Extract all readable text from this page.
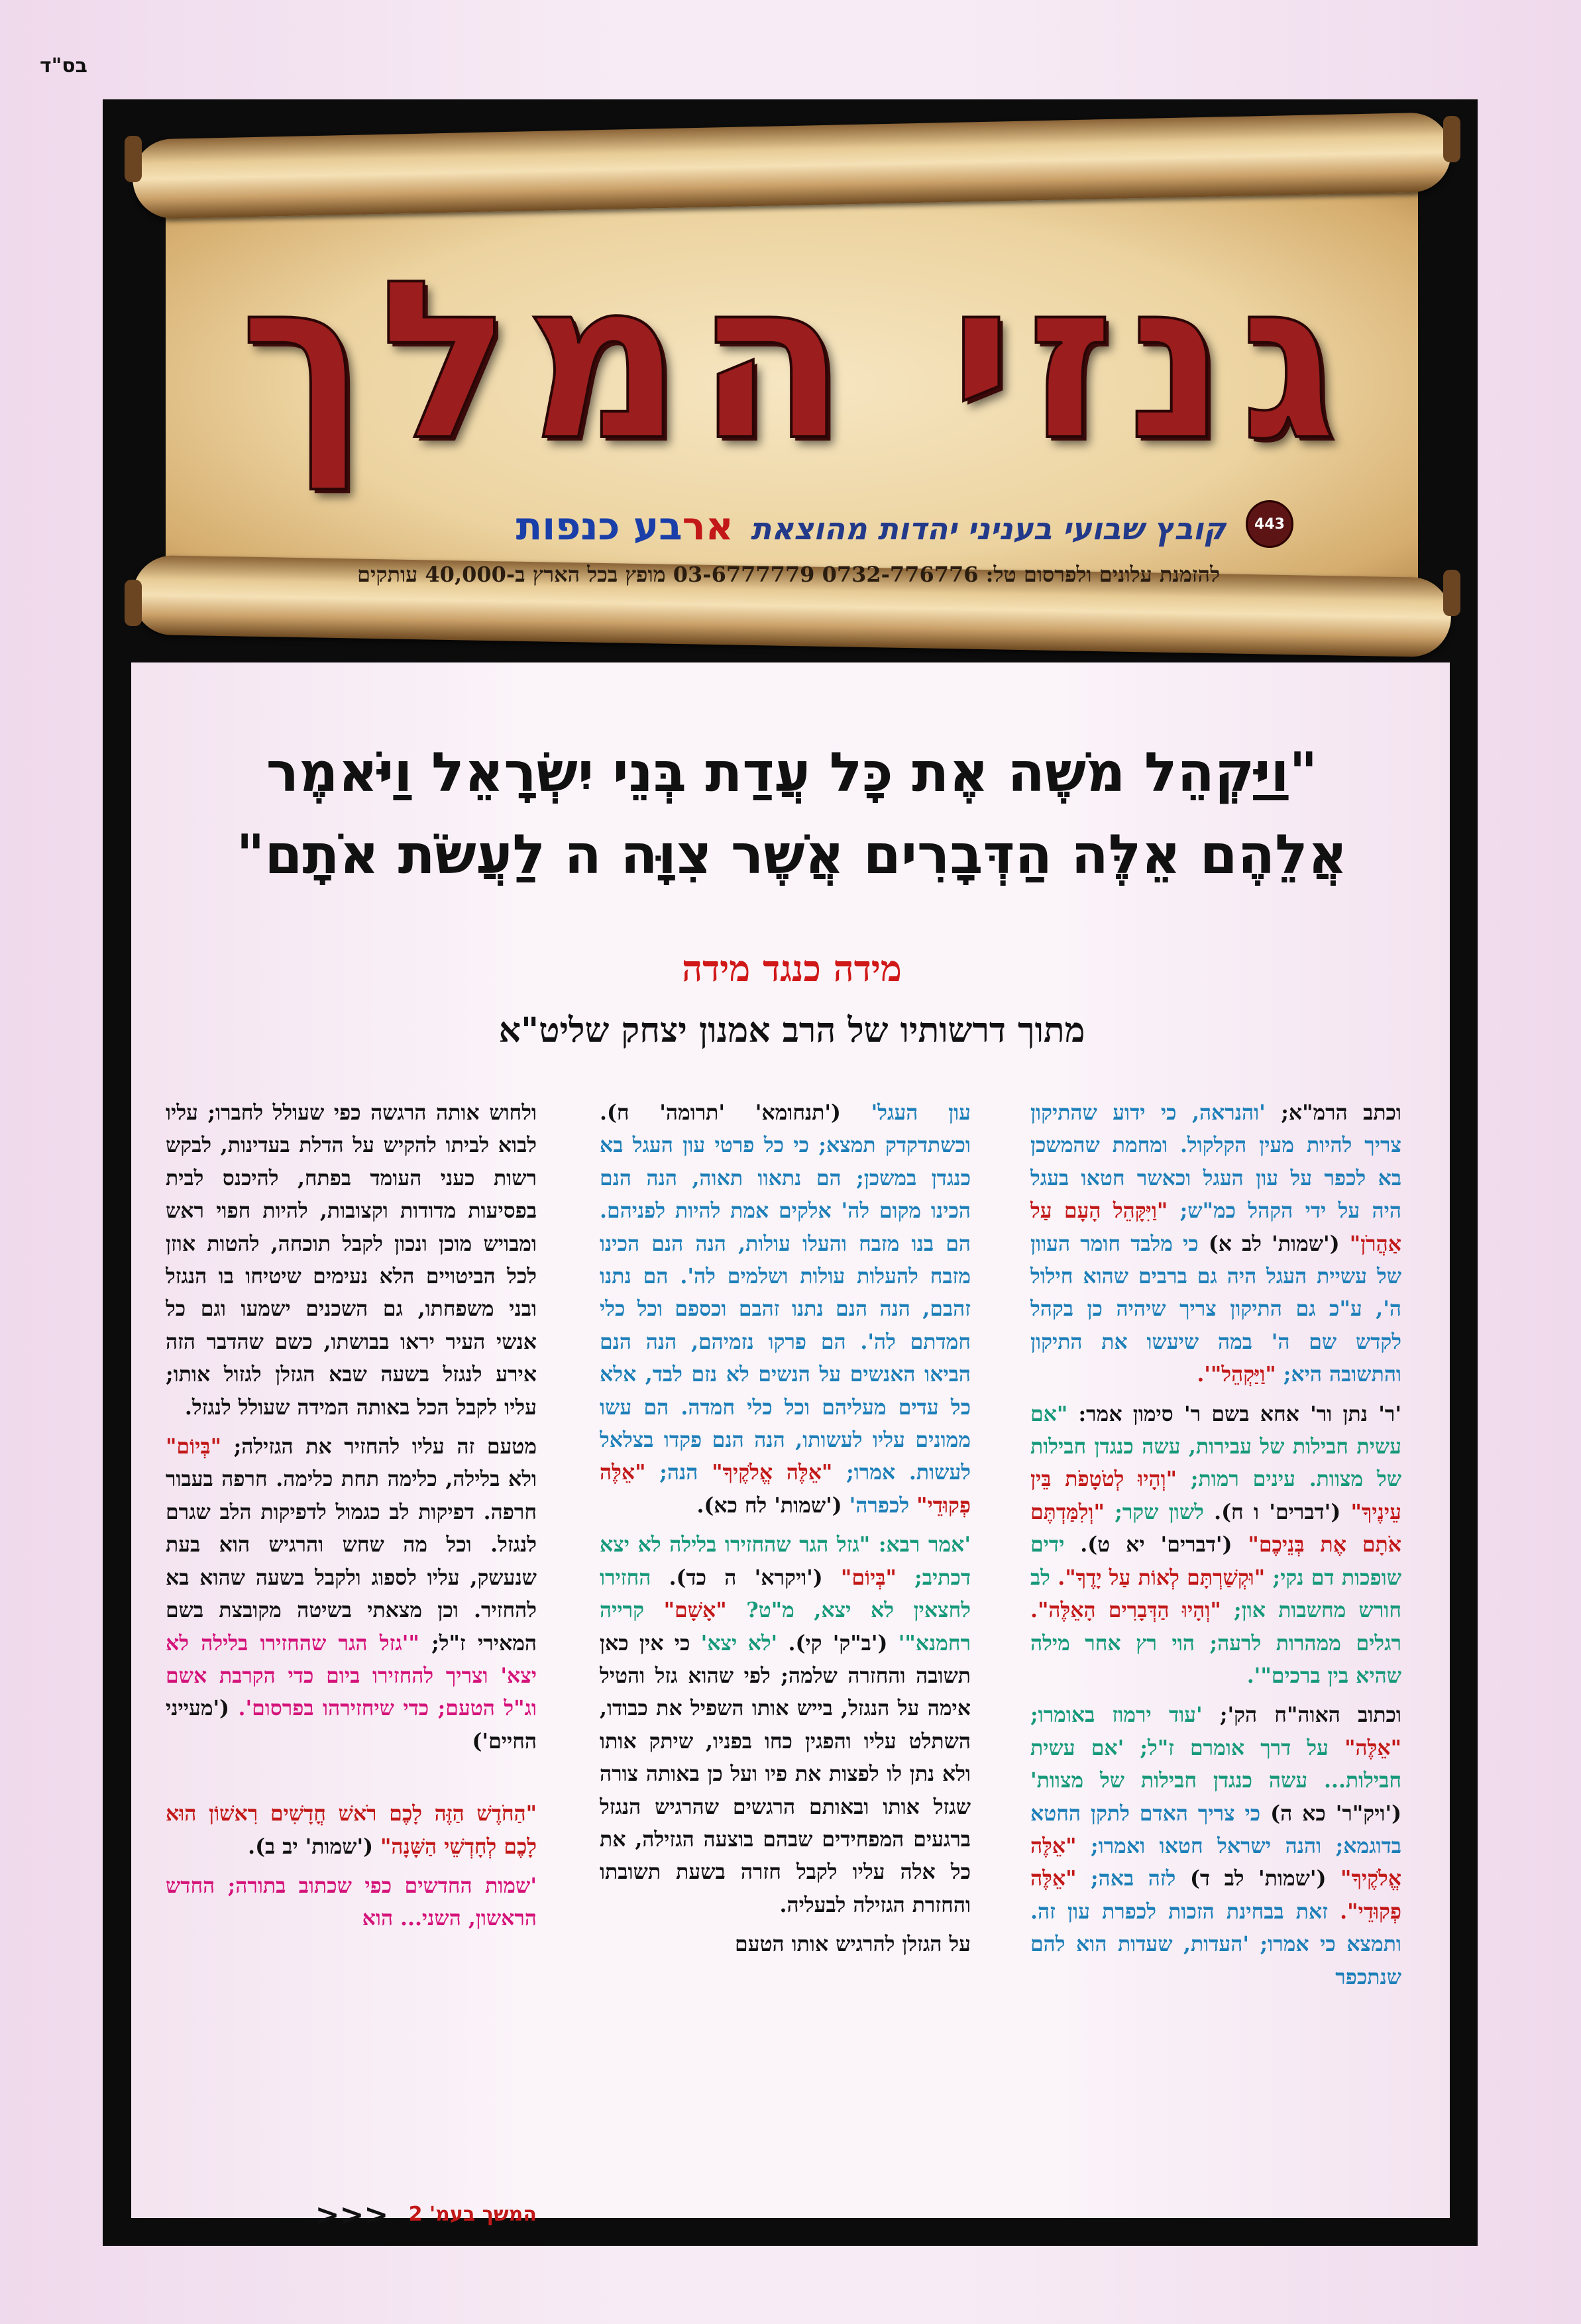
בס"ד
גנזי המלך
443
קובץ שבועי בעניני יהדות מהוצאת ארבע כנפות
להזמנת עלונים ולפרסום טל: 0732-776776 03-6777779 מופץ בכל הארץ ב-40,000 עותקים
"וַיַּקְהֵל משֶׁה אֶת כָּל עֲדַת בְּנֵי יִשְׂרָאֵל וַיֹּאמֶר
אֲלֵהֶם אֵלֶּה הַדְּבָרִים אֲשֶׁר צִוָּה ה לַעֲשֹׂת אֹתָם"
מידה כנגד מידה
מתוך דרשותיו של הרב אמנון יצחק שליט"א

וכתב הרמ"א; 'והנראה, כי ידוע שהתיקון צריך להיות מעין הקלקול. ומחמת שהמשכן בא לכפר על עון העגל וכאשר חטאו בעגל היה על ידי הקהל כמ"ש; "וַיִּקָּהֵל הָעָם עַל אַהֲרֹן" ('שמות' לב א) כי מלבד חומר העוון של עשיית העגל היה גם ברבים שהוא חילול ה', ע"כ גם התיקון צריך שיהיה כן בקהל לקדש שם ה' במה שיעשו את התיקון והתשובה היא; "וַיַּקְהֵל"'.

'ר' נתן ור' אחא בשם ר' סימון אמר: "אם עשית חבילות של עבירות, עשה כנגדן חבילות של מצוות. עינים רמות; "וְהָיוּ לְטֹטָפֹת בֵּין עֵינֶיךָ" ('דברים' ו ח). לשון שקר; "וְלִמַּדְתֶּם אֹתָם אֶת בְּנֵיכֶם" ('דברים' יא ט). ידים שופכות דם נקי; "וּקְשַׁרְתָּם לְאוֹת עַל יָדֶךָ". לב חורש מחשבות און; "וְהָיוּ הַדְּבָרִים הָאֵלֶּה". רגלים ממהרות לרעה; הוי רץ אחר מילה שהיא בין ברכים"'.

וכתוב האוה"ח הק'; 'עוד ירמוז באומרו; "אֵלֶּה" על דרך אומרם ז"ל; 'אם עשית חבילות... עשה כנגדן חבילות של מצוות' ('ויק"ר' כא ה) כי צריך האדם לתקן החטא בדוגמא; והנה ישראל חטאו ואמרו; "אֵלֶּה אֱלֹקֶיךָ" ('שמות' לב ד) לזה באה; "אֵלֶּה פְקוּדֵי". זאת בבחינת הזכות לכפרת עון זה. ותמצא כי אמרו; 'העדות, שעדות הוא להם שנתכפר

עון העגל' ('תנחומא' 'תרומה' ח). וכשתדקדק תמצא; כי כל פרטי עון העגל בא כנגדן במשכן; הם נתאוו תאוה, הנה הנם הכינו מקום לה' אלקים אמת להיות לפניהם. הם בנו מזבח והעלו עולות, הנה הנם הכינו מזבח להעלות עולות ושלמים לה'. הם נתנו זהבם, הנה הנם נתנו זהבם וכספם וכל כלי חמדתם לה'. הם פרקו נזמיהם, הנה הנם הביאו האנשים על הנשים לא נזם לבד, אלא כל עדים מעליהם וכל כלי חמדה. הם עשו ממונים עליו לעשותו, הנה הנם פקדו בצלאל לעשות. אמרו; "אֵלֶּה אֱלֹקֶיךָ" הנה; "אֵלֶּה פְקוּדֵי" לכפרה' ('שמות' לח כא).

'אמר רבא: "גזל הגר שהחזירו בלילה לא יצא דכתיב; "בְּיוֹם" ('ויקרא' ה כד). החזירו לחצאין לא יצא, מ"ט? "אָשָׁם" קרייה רחמנא"' ('ב"ק' קי). 'לא יצא' כי אין כאן תשובה והחזרה שלמה; לפי שהוא גזל והטיל אימה על הנגזל, בייש אותו השפיל את כבודו, השתלט עליו והפגין כחו בפניו, שיתק אותו ולא נתן לו לפצות את פיו ועל כן באותה צורה שגזל אותו ובאותם הרגשים שהרגיש הנגזל ברגעים המפחידים שבהם בוצעה הגזילה, את כל אלה עליו לקבל חזרה בשעת תשובתו והחזרת הגזילה לבעליה.

על הגזלן להרגיש אותו הטעם

ולחוש אותה הרגשה כפי שעולל לחברו; עליו לבוא לביתו להקיש על הדלת בעדינות, לבקש רשות כעני העומד בפתח, להיכנס לבית בפסיעות מדודות וקצובות, להיות חפוי ראש ומבויש מוכן ונכון לקבל תוכחה, להטות אוזן לכל הביטויים הלא נעימים שיטיחו בו הנגזל ובני משפחתו, גם השכנים ישמעו וגם כל אנשי העיר יראו בבושתו, כשם שהדבר הזה אירע לנגזל בשעה שבא הגזלן לגזול אותו; עליו לקבל הכל באותה המידה שעולל לנגזל.

מטעם זה עליו להחזיר את הגזילה; "בְּיוֹם" ולא בלילה, כלימה תחת כלימה. חרפה בעבור חרפה. דפיקות לב כגמול לדפיקות הלב שגרם לנגזל. וכל מה שחש והרגיש הוא בעת שנעשק, עליו לספוג ולקבל בשעה שהוא בא להחזיר. וכן מצאתי בשיטה מקובצת בשם המאירי ז"ל; "'גזל הגר שהחזירו בלילה לא יצא' וצריך להחזירו ביום כדי הקרבת אשם וג"ל הטעם; כדי שיחזירהו בפרסום'. ('מעייני החיים')

"הַחֹדֶשׁ הַזֶּה לָכֶם רֹאשׁ חֳדָשִׁים רִאשׁוֹן הוּא לָכֶם לְחָדְשֵׁי הַשָּׁנָה" ('שמות' יב ב).

'שמות החדשים כפי שכתוב בתורה; החדש הראשון, השני... הוא

המשך בעמ' 2 <<<
